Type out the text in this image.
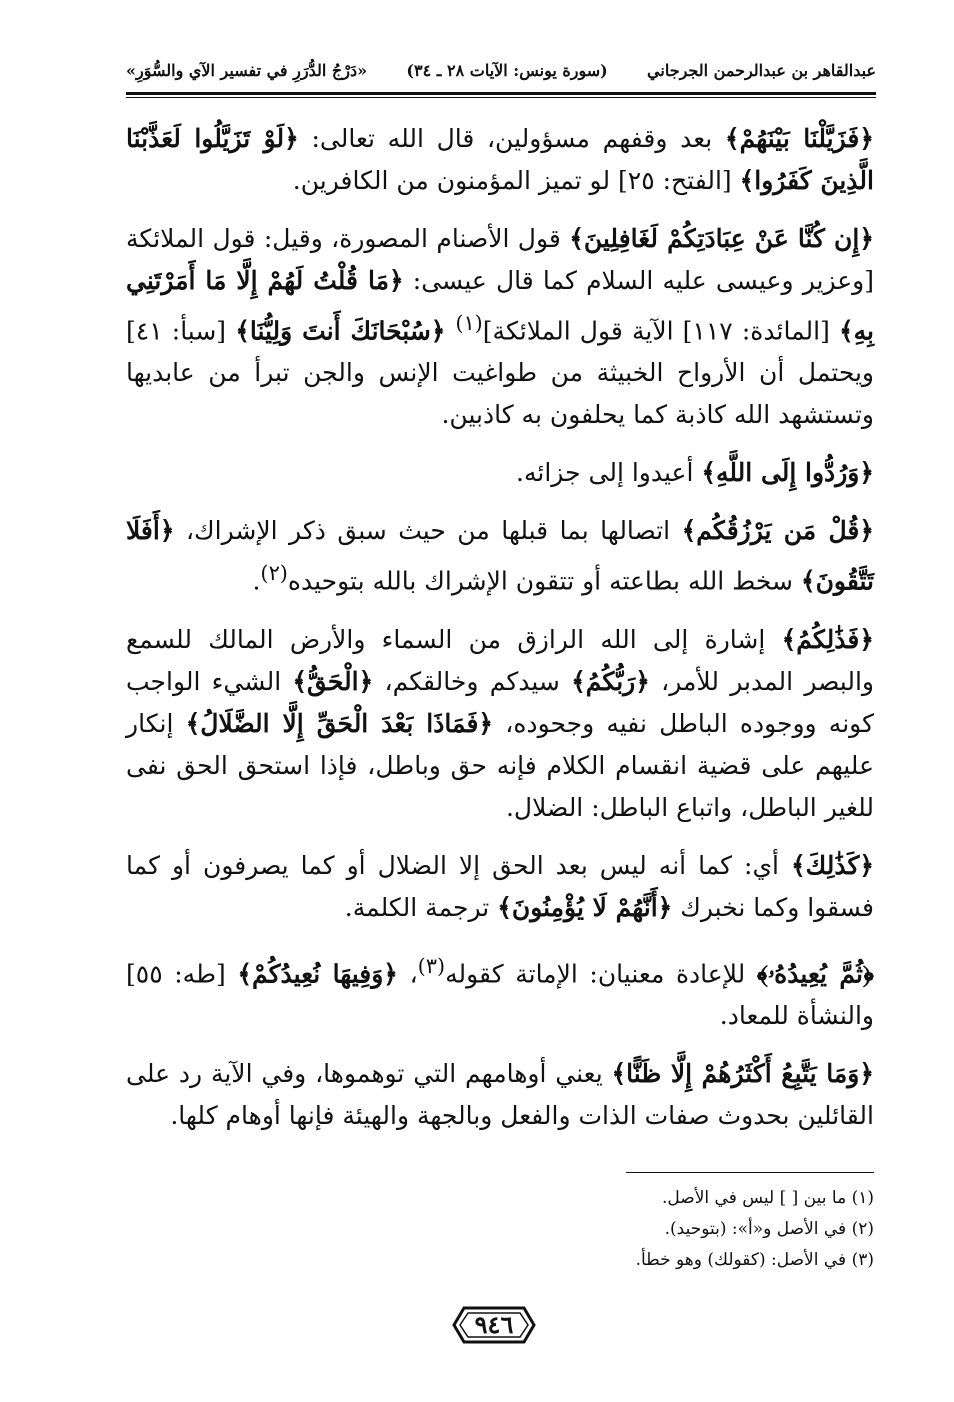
عبدالقاهر بن عبدالرحمن الجرجاني
(سورة يونس: الآيات ٢٨ ـ ٣٤)
«دَرْجُ الدُّرَرِ في تفسير الآي والسُّوَرِ»

﴿فَزَيَّلْنَا بَيْنَهُمْ﴾ بعد وقفهم مسؤولين، قال الله تعالى: ﴿لَوْ تَزَيَّلُوا لَعَذَّبْنَا الَّذِينَ كَفَرُوا﴾ [الفتح: ٢٥] لو تميز المؤمنون من الكافرين.

﴿إِن كُنَّا عَنْ عِبَادَتِكُمْ لَغَافِلِينَ﴾ قول الأصنام المصورة، وقيل: قول الملائكة [وعزير وعيسى عليه السلام كما قال عيسى: ﴿مَا قُلْتُ لَهُمْ إِلَّا مَا أَمَرْتَنِي بِهِ﴾ [المائدة: ١١٧] الآية قول الملائكة]$^{(١)}$ ﴿سُبْحَانَكَ أَنتَ وَلِيُّنَا﴾ [سبأ: ٤١] ويحتمل أن الأرواح الخبيثة من طواغيت الإنس والجن تبرأ من عابديها وتستشهد الله كاذبة كما يحلفون به كاذبين.

﴿وَرُدُّوا إِلَى اللَّهِ﴾ أعيدوا إلى جزائه.

﴿قُلْ مَن يَرْزُقُكُم﴾ اتصالها بما قبلها من حيث سبق ذكر الإشراك، ﴿أَفَلَا تَتَّقُونَ﴾ سخط الله بطاعته أو تتقون الإشراك بالله بتوحيده$^{(٢)}$.

﴿فَذَٰلِكُمُ﴾ إشارة إلى الله الرازق من السماء والأرض المالك للسمع والبصر المدبر للأمر، ﴿رَبُّكُمُ﴾ سيدكم وخالقكم، ﴿الْحَقُّ﴾ الشيء الواجب كونه ووجوده الباطل نفيه وجحوده، ﴿فَمَاذَا بَعْدَ الْحَقِّ إِلَّا الضَّلَالُ﴾ إنكار عليهم على قضية انقسام الكلام فإنه حق وباطل، فإذا استحق الحق نفى للغير الباطل، واتباع الباطل: الضلال.

﴿كَذَٰلِكَ﴾ أي: كما أنه ليس بعد الحق إلا الضلال أو كما يصرفون أو كما فسقوا وكما نخبرك ﴿أَنَّهُمْ لَا يُؤْمِنُونَ﴾ ترجمة الكلمة.

﴿ثُمَّ يُعِيدُهُۥ﴾ للإعادة معنيان: الإماتة كقوله$^{(٣)}$، ﴿وَفِيهَا نُعِيدُكُمْ﴾ [طه: ٥٥] والنشأة للمعاد.

﴿وَمَا يَتَّبِعُ أَكْثَرُهُمْ إِلَّا ظَنًّا﴾ يعني أوهامهم التي توهموها، وفي الآية رد على القائلين بحدوث صفات الذات والفعل وبالجهة والهيئة فإنها أوهام كلها.

(١) ما بين [ ] ليس في الأصل.
(٢) في الأصل و«أ»: (بتوحيد).
(٣) في الأصل: (كقولك) وهو خطأ.
٩٤٦
